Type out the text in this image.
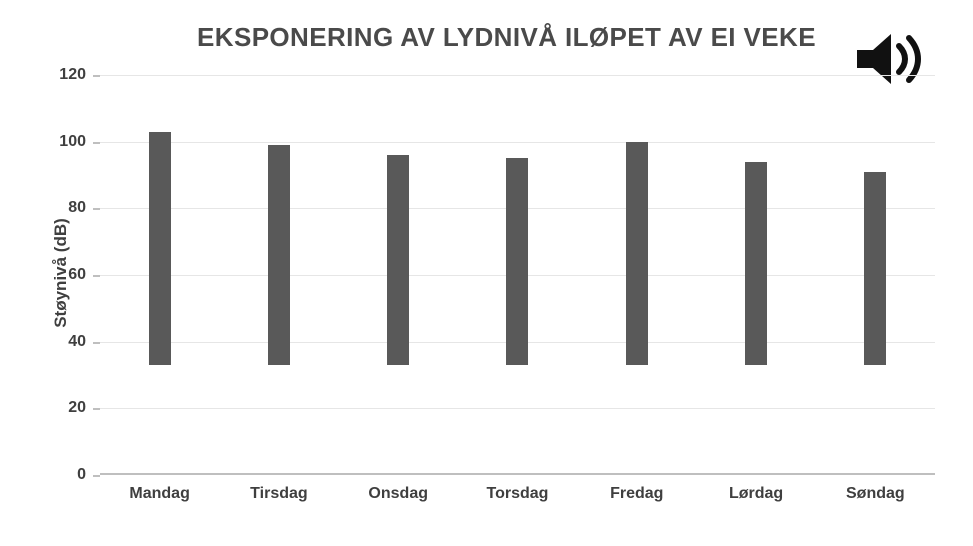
EKSPONERING AV LYDNIVÅ ILØPET AV EI VEKE
Støynivå (dB)
0
20
40
60
80
100
120
Mandag	Tirsdag	Onsdag	Torsdag	Fredag	Lørdag	Søndag
